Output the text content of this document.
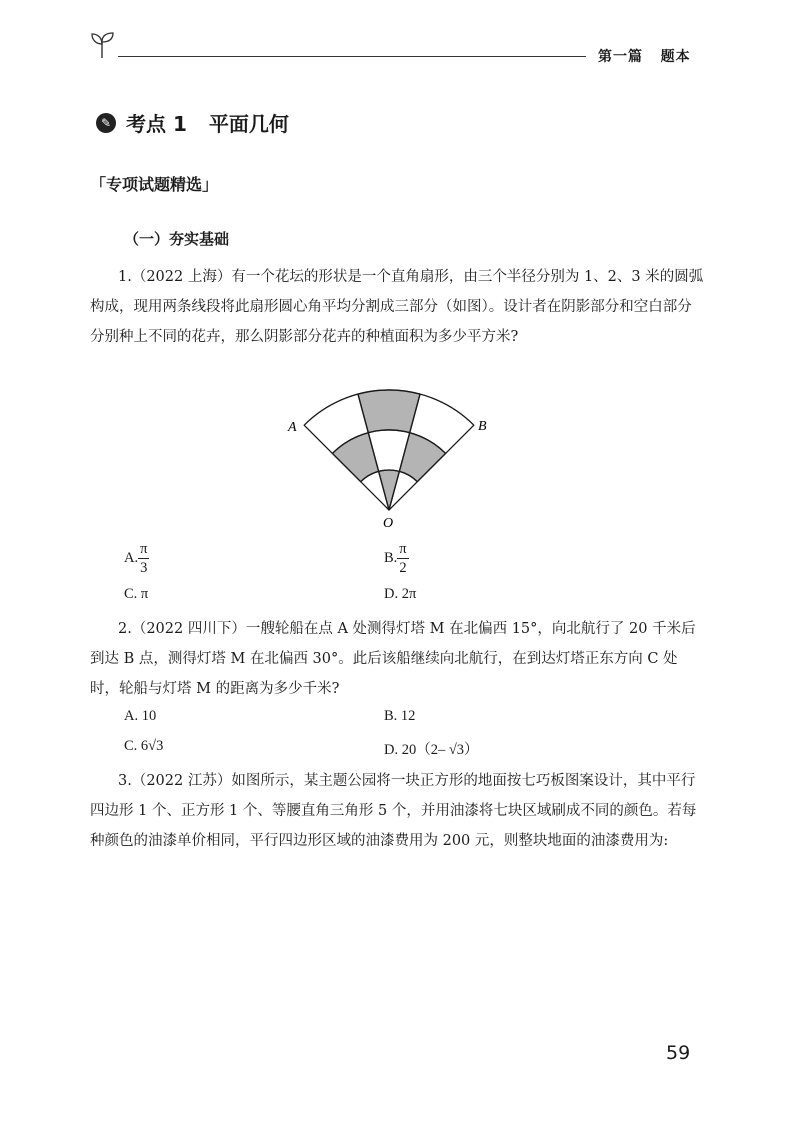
第一篇 题本
✎ 考点 1 平面几何
「专项试题精选」
（一）夯实基础
1.（2022 上海）有一个花坛的形状是一个直角扇形，由三个半径分别为 1、2、3 米的圆弧构成，现用两条线段将此扇形圆心角平均分割成三部分（如图）。设计者在阴影部分和空白部分分别种上不同的花卉，那么阴影部分花卉的种植面积为多少平方米?
A	B
O
A. $\frac{\pi}{3}$	B. $\frac{\pi}{2}$
C. π	D. 2π
2.（2022 四川下）一艘轮船在点 A 处测得灯塔 M 在北偏西 15°，向北航行了 20 千米后到达 B 点，测得灯塔 M 在北偏西 30°。此后该船继续向北航行，在到达灯塔正东方向 C 处时，轮船与灯塔 M 的距离为多少千米?
A. 10	B. 12
C. 6√3	D. 20（2– √3）
3.（2022 江苏）如图所示，某主题公园将一块正方形的地面按七巧板图案设计，其中平行四边形 1 个、正方形 1 个、等腰直角三角形 5 个，并用油漆将七块区域刷成不同的颜色。若每种颜色的油漆单价相同，平行四边形区域的油漆费用为 200 元，则整块地面的油漆费用为:
59
